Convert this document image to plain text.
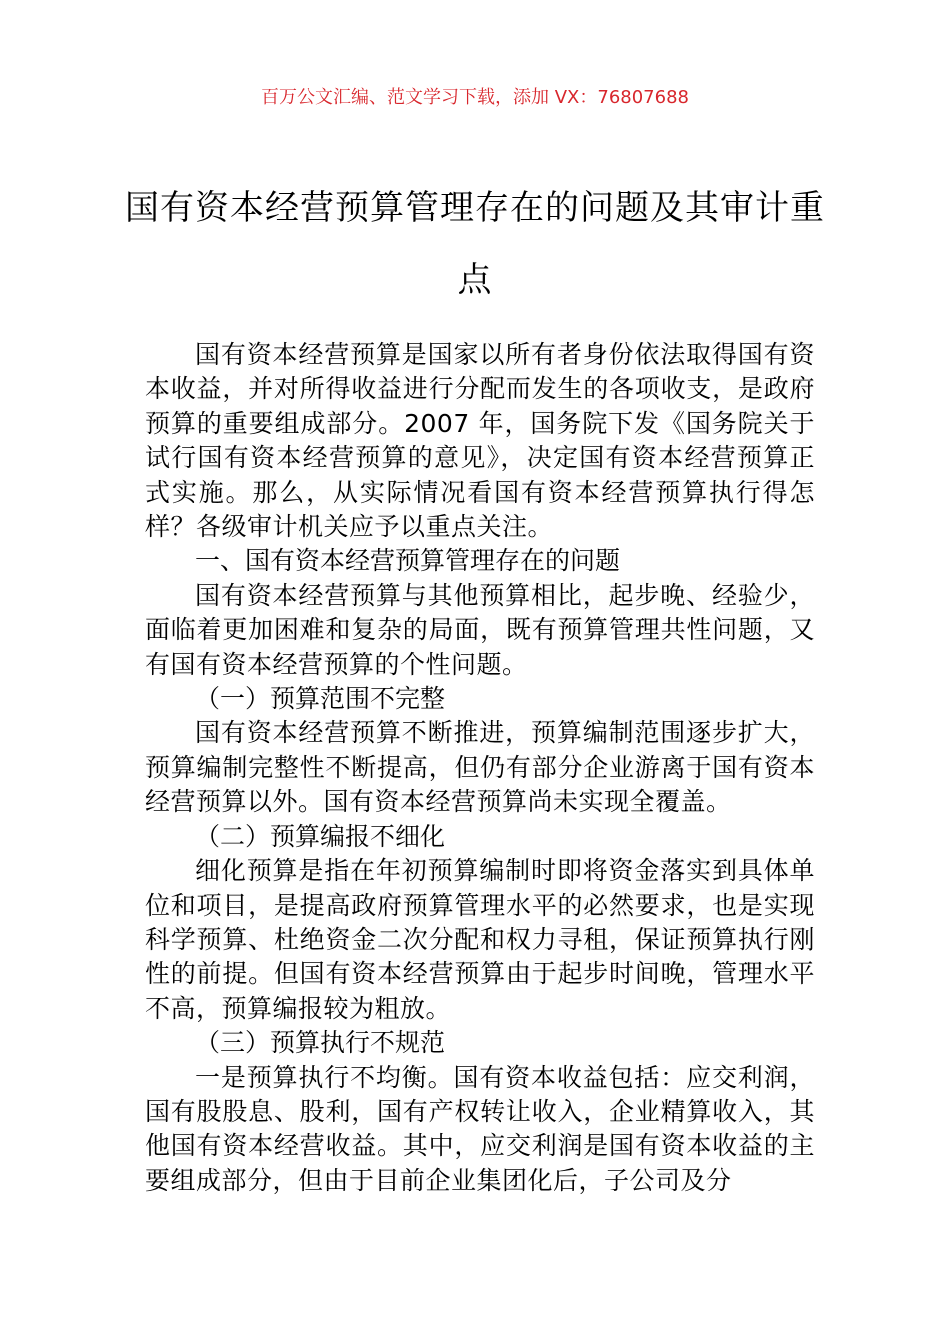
百万公文汇编、范文学习下载，添加 VX：76807688
国有资本经营预算管理存在的问题及其审计重点

国有资本经营预算是国家以所有者身份依法取得国有资本收益，并对所得收益进行分配而发生的各项收支，是政府预算的重要组成部分。2007 年，国务院下发《国务院关于试行国有资本经营预算的意见》，决定国有资本经营预算正式实施。那么，从实际情况看国有资本经营预算执行得怎样？各级审计机关应予以重点关注。

一、国有资本经营预算管理存在的问题

国有资本经营预算与其他预算相比，起步晚、经验少，面临着更加困难和复杂的局面，既有预算管理共性问题，又有国有资本经营预算的个性问题。

（一）预算范围不完整

国有资本经营预算不断推进，预算编制范围逐步扩大，预算编制完整性不断提高，但仍有部分企业游离于国有资本经营预算以外。国有资本经营预算尚未实现全覆盖。

（二）预算编报不细化

细化预算是指在年初预算编制时即将资金落实到具体单位和项目，是提高政府预算管理水平的必然要求，也是实现科学预算、杜绝资金二次分配和权力寻租，保证预算执行刚性的前提。但国有资本经营预算由于起步时间晚，管理水平不高，预算编报较为粗放。

（三）预算执行不规范

一是预算执行不均衡。国有资本收益包括：应交利润，国有股股息、股利，国有产权转让收入，企业精算收入，其他国有资本经营收益。其中，应交利润是国有资本收益的主要组成部分，但由于目前企业集团化后，子公司及分
